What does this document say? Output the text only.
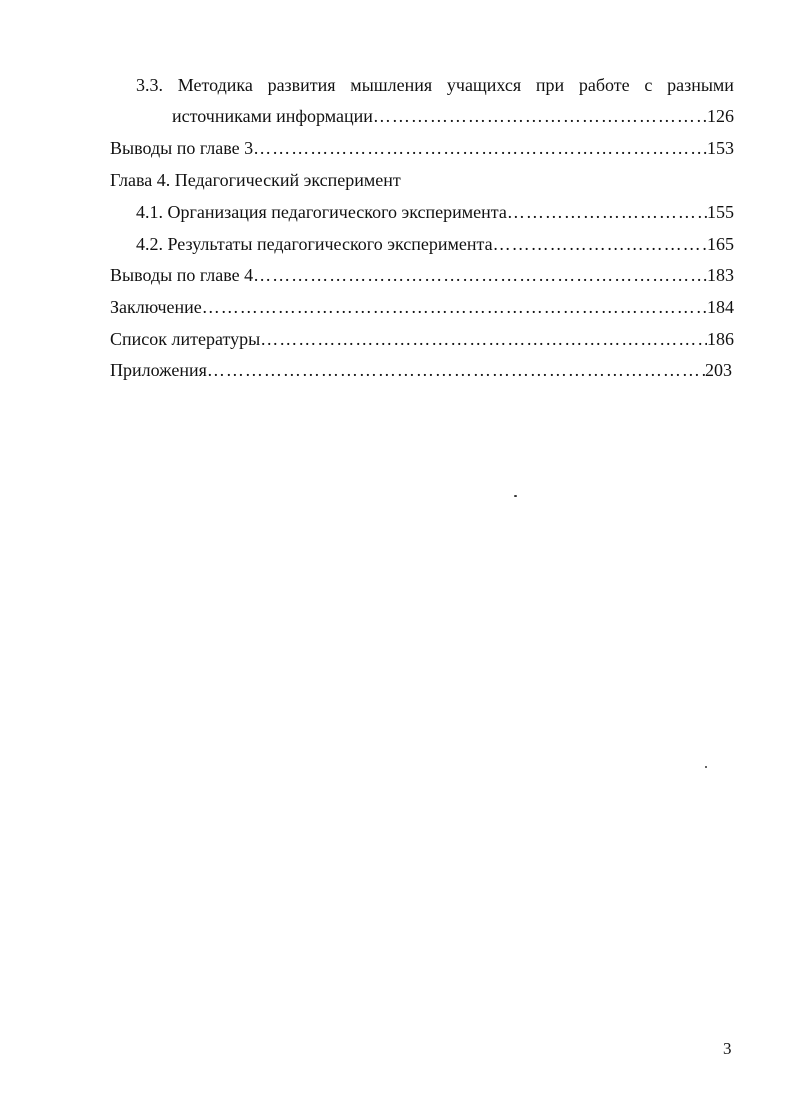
3.3. Методика развития мышления учащихся при работе с разными
источниками информации ………………………………………………………………………………………………………………………………………………………………………………………	126
Выводы по главе 3 ………………………………………………………………………………………………………………………………………………………………………………………	153
Глава 4. Педагогический эксперимент
4.1. Организация педагогического эксперимента ………………………………………………………………………………………………………………………………………………………………………………………	155
4.2. Результаты педагогического эксперимента ………………………………………………………………………………………………………………………………………………………………………………………	165
Выводы по главе 4 ………………………………………………………………………………………………………………………………………………………………………………………	183
Заключение ………………………………………………………………………………………………………………………………………………………………………………………	184
Список литературы ………………………………………………………………………………………………………………………………………………………………………………………	186
Приложения ………………………………………………………………………………………………………………………………………………………………………………………	203
3
